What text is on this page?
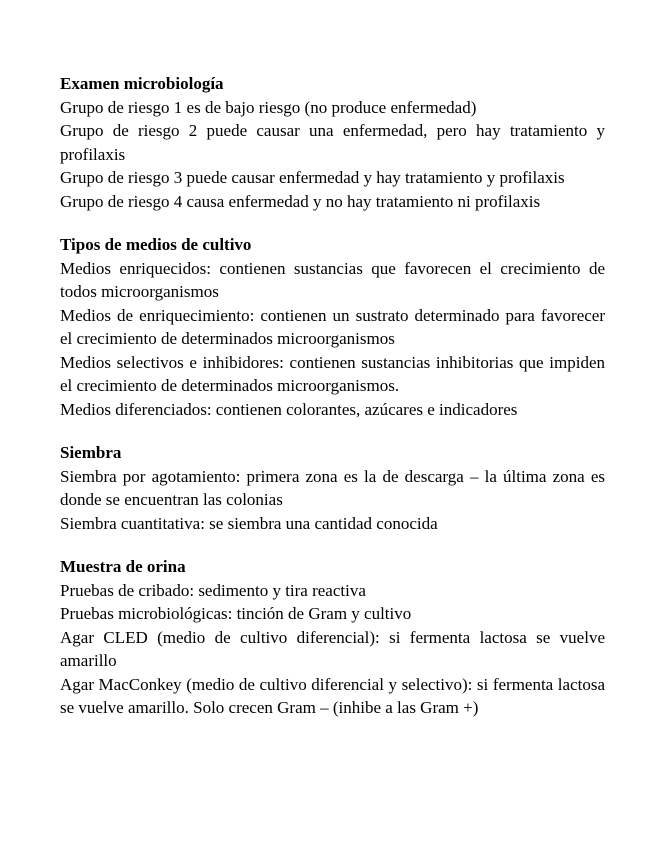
Examen microbiología

Grupo de riesgo 1 es de bajo riesgo (no produce enfermedad)

Grupo de riesgo 2 puede causar una enfermedad, pero hay tratamiento y profilaxis

Grupo de riesgo 3 puede causar enfermedad y hay tratamiento y profilaxis

Grupo de riesgo 4 causa enfermedad y no hay tratamiento ni profilaxis

Tipos de medios de cultivo

Medios enriquecidos: contienen sustancias que favorecen el crecimiento de todos microorganismos

Medios de enriquecimiento: contienen un sustrato determinado para favorecer el crecimiento de determinados microorganismos

Medios selectivos e inhibidores: contienen sustancias inhibitorias que impiden el crecimiento de determinados microorganismos.

Medios diferenciados: contienen colorantes, azúcares e indicadores

Siembra

Siembra por agotamiento: primera zona es la de descarga – la última zona es donde se encuentran las colonias

Siembra cuantitativa: se siembra una cantidad conocida

Muestra de orina

Pruebas de cribado: sedimento y tira reactiva

Pruebas microbiológicas: tinción de Gram y cultivo

Agar CLED (medio de cultivo diferencial): si fermenta lactosa se vuelve amarillo

Agar MacConkey (medio de cultivo diferencial y selectivo): si fermenta lactosa se vuelve amarillo. Solo crecen Gram – (inhibe a las Gram +)
